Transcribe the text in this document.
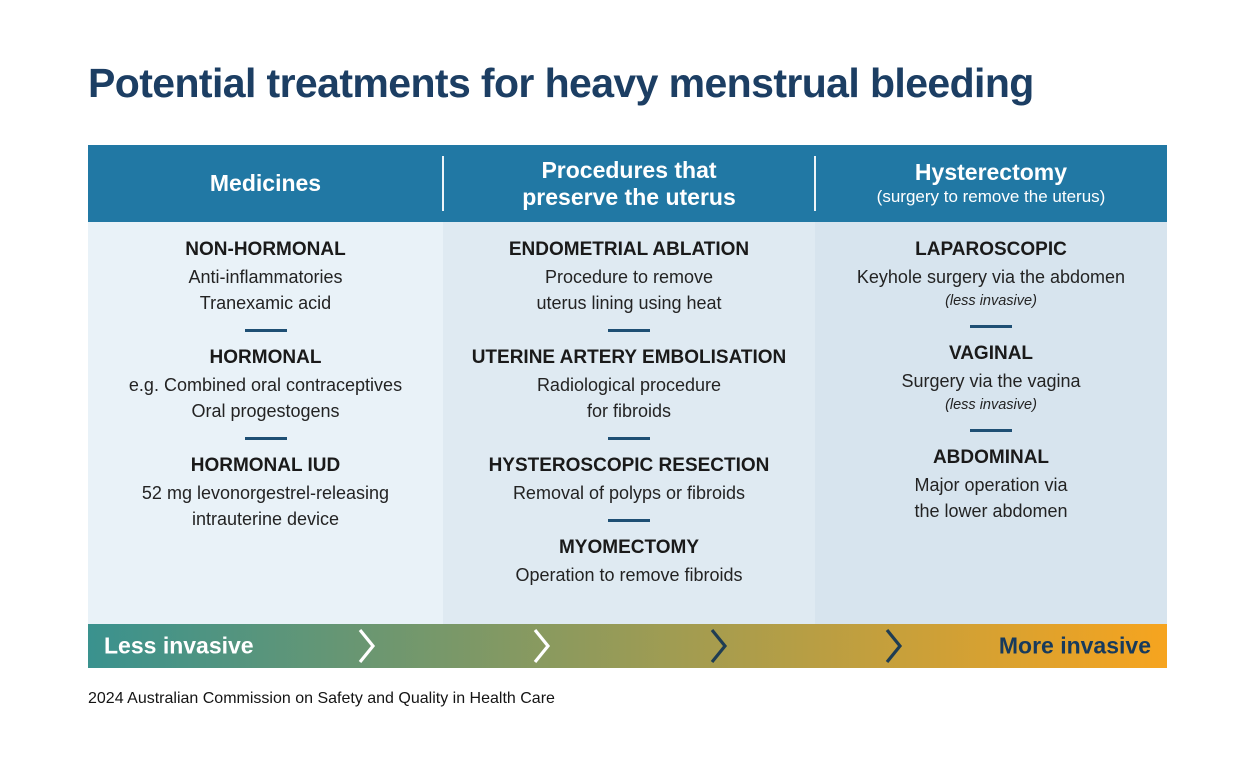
Potential treatments for heavy menstrual bleeding
Medicines
Procedures that
preserve the uterus
Hysterectomy
(surgery to remove the uterus)
NON-HORMONAL
Anti-inflammatories
Tranexamic acid
HORMONAL
e.g. Combined oral contraceptives
Oral progestogens
HORMONAL IUD
52 mg levonorgestrel-releasing
intrauterine device
ENDOMETRIAL ABLATION
Procedure to remove
uterus lining using heat
UTERINE ARTERY EMBOLISATION
Radiological procedure
for fibroids
HYSTEROSCOPIC RESECTION
Removal of polyps or fibroids
MYOMECTOMY
Operation to remove fibroids
LAPAROSCOPIC
Keyhole surgery via the abdomen
(less invasive)
VAGINAL
Surgery via the vagina
(less invasive)
ABDOMINAL
Major operation via
the lower abdomen
Less invasive	More invasive
2024 Australian Commission on Safety and Quality in Health Care
